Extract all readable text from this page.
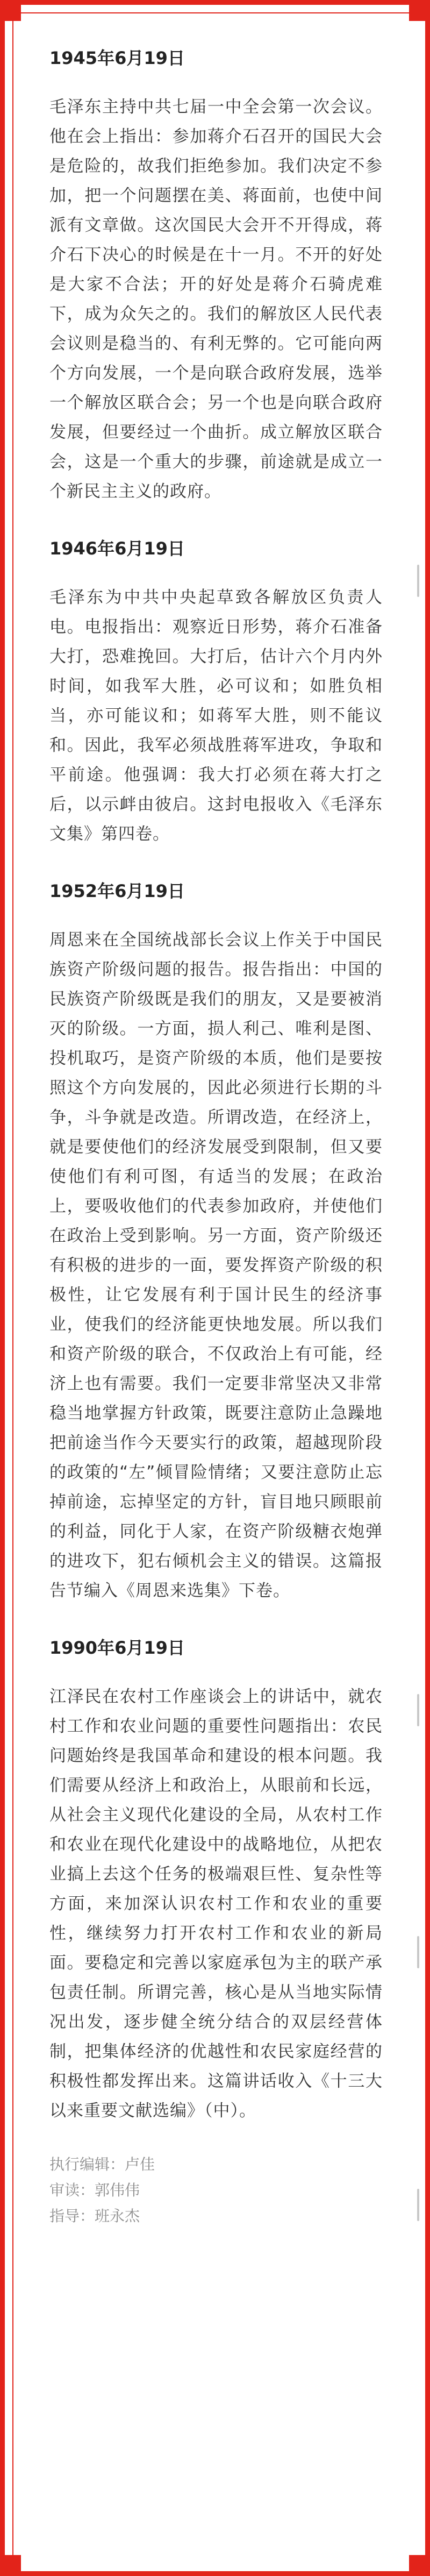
1945年6月19日

毛泽东主持中共七届一中全会第一次会议。他在会上指出：参加蒋介石召开的国民大会是危险的，故我们拒绝参加。我们决定不参加，把一个问题摆在美、蒋面前，也使中间派有文章做。这次国民大会开不开得成，蒋介石下决心的时候是在十一月。不开的好处是大家不合法；开的好处是蒋介石骑虎难下，成为众矢之的。我们的解放区人民代表会议则是稳当的、有利无弊的。它可能向两个方向发展，一个是向联合政府发展，选举一个解放区联合会；另一个也是向联合政府发展，但要经过一个曲折。成立解放区联合会，这是一个重大的步骤，前途就是成立一个新民主主义的政府。

1946年6月19日

毛泽东为中共中央起草致各解放区负责人电。电报指出：观察近日形势，蒋介石准备大打，恐难挽回。大打后，估计六个月内外时间，如我军大胜，必可议和；如胜负相当，亦可能议和；如蒋军大胜，则不能议和。因此，我军必须战胜蒋军进攻，争取和平前途。他强调：我大打必须在蒋大打之后，以示衅由彼启。这封电报收入《毛泽东文集》第四卷。

1952年6月19日

周恩来在全国统战部长会议上作关于中国民族资产阶级问题的报告。报告指出：中国的民族资产阶级既是我们的朋友，又是要被消灭的阶级。一方面，损人利己、唯利是图、投机取巧，是资产阶级的本质，他们是要按照这个方向发展的，因此必须进行长期的斗争，斗争就是改造。所谓改造，在经济上，就是要使他们的经济发展受到限制，但又要使他们有利可图，有适当的发展；在政治上，要吸收他们的代表参加政府，并使他们在政治上受到影响。另一方面，资产阶级还有积极的进步的一面，要发挥资产阶级的积极性，让它发展有利于国计民生的经济事业，使我们的经济能更快地发展。所以我们和资产阶级的联合，不仅政治上有可能，经济上也有需要。我们一定要非常坚决又非常稳当地掌握方针政策，既要注意防止急躁地把前途当作今天要实行的政策，超越现阶段的政策的“左”倾冒险情绪；又要注意防止忘掉前途，忘掉坚定的方针，盲目地只顾眼前的利益，同化于人家，在资产阶级糖衣炮弹的进攻下，犯右倾机会主义的错误。这篇报告节编入《周恩来选集》下卷。

1990年6月19日

江泽民在农村工作座谈会上的讲话中，就农村工作和农业问题的重要性问题指出：农民问题始终是我国革命和建设的根本问题。我们需要从经济上和政治上，从眼前和长远，从社会主义现代化建设的全局，从农村工作和农业在现代化建设中的战略地位，从把农业搞上去这个任务的极端艰巨性、复杂性等方面，来加深认识农村工作和农业的重要性，继续努力打开农村工作和农业的新局面。要稳定和完善以家庭承包为主的联产承包责任制。所谓完善，核心是从当地实际情况出发，逐步健全统分结合的双层经营体制，把集体经济的优越性和农民家庭经营的积极性都发挥出来。这篇讲话收入《十三大以来重要文献选编》（中）。

执行编辑：卢佳

审读：郭伟伟

指导：班永杰
